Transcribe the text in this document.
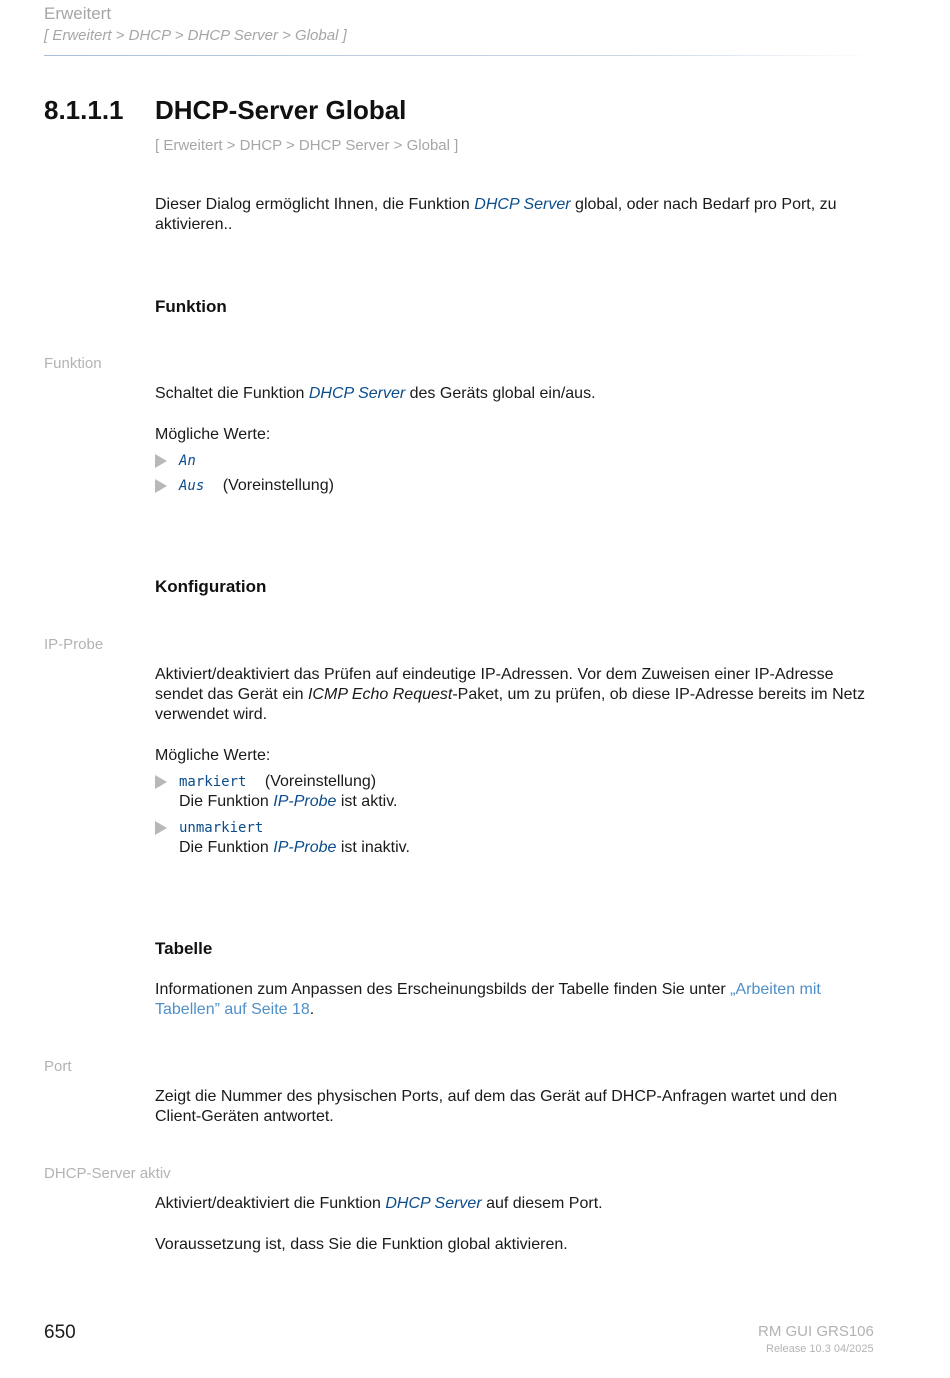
Erweitert
[ Erweitert > DHCP > DHCP Server > Global ]
8.1.1.1 DHCP-Server Global
[ Erweitert > DHCP > DHCP Server > Global ]
Dieser Dialog ermöglicht Ihnen, die Funktion DHCP Server global, oder nach Bedarf pro Port, zu aktivieren..
Funktion
Funktion
Schaltet die Funktion DHCP Server des Geräts global ein/aus.
Mögliche Werte:
An
Aus (Voreinstellung)
Konfiguration
IP-Probe
Aktiviert/deaktiviert das Prüfen auf eindeutige IP-Adressen. Vor dem Zuweisen einer IP-Adresse sendet das Gerät ein ICMP Echo Request-Paket, um zu prüfen, ob diese IP-Adresse bereits im Netz verwendet wird.
Mögliche Werte:
markiert (Voreinstellung)
Die Funktion IP-Probe ist aktiv.
unmarkiert
Die Funktion IP-Probe ist inaktiv.
Tabelle
Informationen zum Anpassen des Erscheinungsbilds der Tabelle finden Sie unter „Arbeiten mit Tabellen” auf Seite 18.
Port
Zeigt die Nummer des physischen Ports, auf dem das Gerät auf DHCP-Anfragen wartet und den Client-Geräten antwortet.
DHCP-Server aktiv
Aktiviert/deaktiviert die Funktion DHCP Server auf diesem Port.
Voraussetzung ist, dass Sie die Funktion global aktivieren.
650	RM GUI GRS106
Release 10.3 04/2025
